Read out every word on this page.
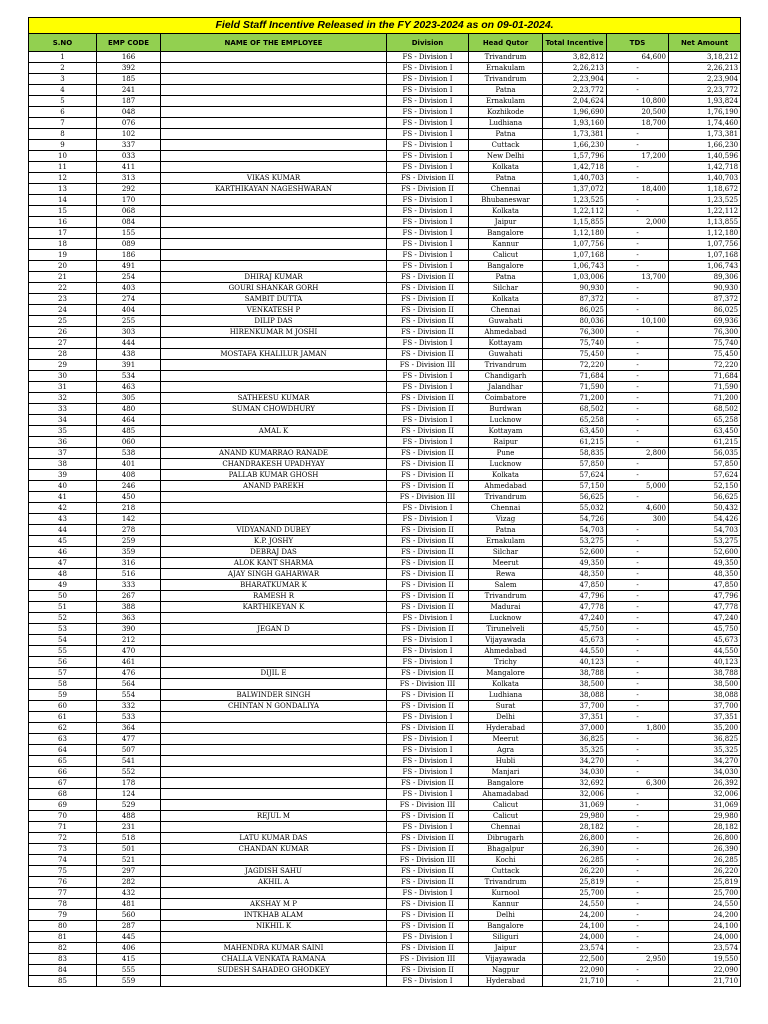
Field Staff Incentive Released in the FY 2023-2024 as on 09-01-2024.							
S.NO	EMP CODE	NAME OF THE EMPLOYEE	Division	Head Qutor	Total Incentive	TDS	Net Amount
1	166		FS - Division I	Trivandrum	3,82,812	64,600	3,18,212
2	392		FS - Division I	Ernakulam	2,26,213	-	2,26,213
3	185		FS - Division I	Trivandrum	2,23,904	-	2,23,904
4	241		FS - Division I	Patna	2,23,772	-	2,23,772
5	187		FS - Division I	Ernakulam	2,04,624	10,800	1,93,824
6	048		FS - Division I	Kozhikode	1,96,690	20,500	1,76,190
7	076		FS - Division I	Ludhiana	1,93,160	18,700	1,74,460
8	102		FS - Division I	Patna	1,73,381	-	1,73,381
9	337		FS - Division I	Cuttack	1,66,230	-	1,66,230
10	033		FS - Division I	New Delhi	1,57,796	17,200	1,40,596
11	411		FS - Division I	Kolkata	1,42,718	-	1,42,718
12	313	VIKAS KUMAR	FS - Division II	Patna	1,40,703	-	1,40,703
13	292	KARTHIKAYAN NAGESHWARAN	FS - Division II	Chennai	1,37,072	18,400	1,18,672
14	170		FS - Division I	Bhubaneswar	1,23,525	-	1,23,525
15	068		FS - Division I	Kolkata	1,22,112	-	1,22,112
16	084		FS - Division I	Jaipur	1,15,855	2,000	1,13,855
17	155		FS - Division I	Bangalore	1,12,180	-	1,12,180
18	089		FS - Division I	Kannur	1,07,756	-	1,07,756
19	186		FS - Division I	Calicut	1,07,168	-	1,07,168
20	491		FS - Division I	Bangalore	1,06,743	-	1,06,743
21	254	DHIRAJ KUMAR	FS - Division II	Patna	1,03,006	13,700	89,306
22	403	GOURI SHANKAR GORH	FS - Division II	Silchar	90,930	-	90,930
23	274	SAMBIT DUTTA	FS - Division II	Kolkata	87,372	-	87,372
24	404	VENKATESH P	FS - Division II	Chennai	86,025	-	86,025
25	255	DILIP DAS	FS - Division II	Guwahati	80,036	10,100	69,936
26	303	HIRENKUMAR M JOSHI	FS - Division II	Ahmedabad	76,300	-	76,300
27	444		FS - Division I	Kottayam	75,740	-	75,740
28	438	MOSTAFA KHALILUR JAMAN	FS - Division II	Guwahati	75,450	-	75,450
29	391		FS - Division III	Trivandrum	72,220	-	72,220
30	534		FS - Division I	Chandigarh	71,684	-	71,684
31	463		FS - Division I	Jalandhar	71,590	-	71,590
32	305	SATHEESU KUMAR	FS - Division II	Coimbatore	71,200	-	71,200
33	480	SUMAN CHOWDHURY	FS - Division II	Burdwan	68,502	-	68,502
34	464		FS - Division I	Lucknow	65,258	-	65,258
35	485	AMAL K	FS - Division II	Kottayam	63,450	-	63,450
36	060		FS - Division I	Raipur	61,215	-	61,215
37	538	ANAND KUMARRAO RANADE	FS - Division II	Pune	58,835	2,800	56,035
38	401	CHANDRAKESH UPADHYAY	FS - Division II	Lucknow	57,850	-	57,850
39	408	PALLAB KUMAR GHOSH	FS - Division II	Kolkata	57,624	-	57,624
40	246	ANAND PAREKH	FS - Division II	Ahmedabad	57,150	5,000	52,150
41	450		FS - Division III	Trivandrum	56,625	-	56,625
42	218		FS - Division I	Chennai	55,032	4,600	50,432
43	142		FS - Division I	Vizag	54,726	300	54,426
44	278	VIDYANAND DUBEY	FS - Division II	Patna	54,703	-	54,703
45	259	K.P. JOSHY	FS - Division II	Ernakulam	53,275	-	53,275
46	359	DEBRAJ DAS	FS - Division II	Silchar	52,600	-	52,600
47	316	ALOK KANT SHARMA	FS - Division II	Meerut	49,350	-	49,350
48	516	AJAY SINGH GAHARWAR	FS - Division II	Rewa	48,350	-	48,350
49	333	BHARATKUMAR K	FS - Division II	Salem	47,850	-	47,850
50	267	RAMESH R	FS - Division II	Trivandrum	47,796	-	47,796
51	388	KARTHIKEYAN K	FS - Division II	Madurai	47,778	-	47,778
52	363		FS - Division I	Lucknow	47,240	-	47,240
53	390	JEGAN D	FS - Division II	Tirunelveli	45,750	-	45,750
54	212		FS - Division I	Vijayawada	45,673	-	45,673
55	470		FS - Division I	Ahmedabad	44,550	-	44,550
56	461		FS - Division I	Trichy	40,123	-	40,123
57	476	DIJIL E	FS - Division II	Mangalore	38,788	-	38,788
58	564		FS - Division III	Kolkata	38,500	-	38,500
59	554	BALWINDER SINGH	FS - Division II	Ludhiana	38,088	-	38,088
60	332	CHINTAN N GONDALIYA	FS - Division II	Surat	37,700	-	37,700
61	533		FS - Division I	Delhi	37,351	-	37,351
62	364		FS - Division II	Hyderabad	37,000	1,800	35,200
63	477		FS - Division I	Meerut	36,825	-	36,825
64	507		FS - Division I	Agra	35,325	-	35,325
65	541		FS - Division I	Hubli	34,270	-	34,270
66	552		FS - Division I	Manjari	34,030	-	34,030
67	178		FS - Division II	Bangalore	32,692	6,300	26,392
68	124		FS - Division I	Ahamadabad	32,006	-	32,006
69	529		FS - Division III	Calicut	31,069	-	31,069
70	488	REJUL M	FS - Division II	Calicut	29,980	-	29,980
71	231		FS - Division I	Chennai	28,182	-	28,182
72	518	LATU KUMAR DAS	FS - Division II	Dibrugarh	26,800	-	26,800
73	501	CHANDAN KUMAR	FS - Division II	Bhagalpur	26,390	-	26,390
74	521		FS - Division III	Kochi	26,285	-	26,285
75	297	JAGDISH SAHU	FS - Division II	Cuttack	26,220	-	26,220
76	282	AKHIL A	FS - Division II	Trivandrum	25,819	-	25,819
77	432		FS - Division I	Kurnool	25,700	-	25,700
78	481	AKSHAY M P	FS - Division II	Kannur	24,550	-	24,550
79	560	INTKHAB ALAM	FS - Division II	Delhi	24,200	-	24,200
80	287	NIKHIL K	FS - Division II	Bangalore	24,100	-	24,100
81	445		FS - Division I	Siliguri	24,000	-	24,000
82	406	MAHENDRA KUMAR SAINI	FS - Division II	Jaipur	23,574	-	23,574
83	415	CHALLA VENKATA RAMANA	FS - Division III	Vijayawada	22,500	2,950	19,550
84	555	SUDESH SAHADEO GHODKEY	FS - Division II	Nagpur	22,090	-	22,090
85	559		FS - Division I	Hyderabad	21,710	-	21,710
